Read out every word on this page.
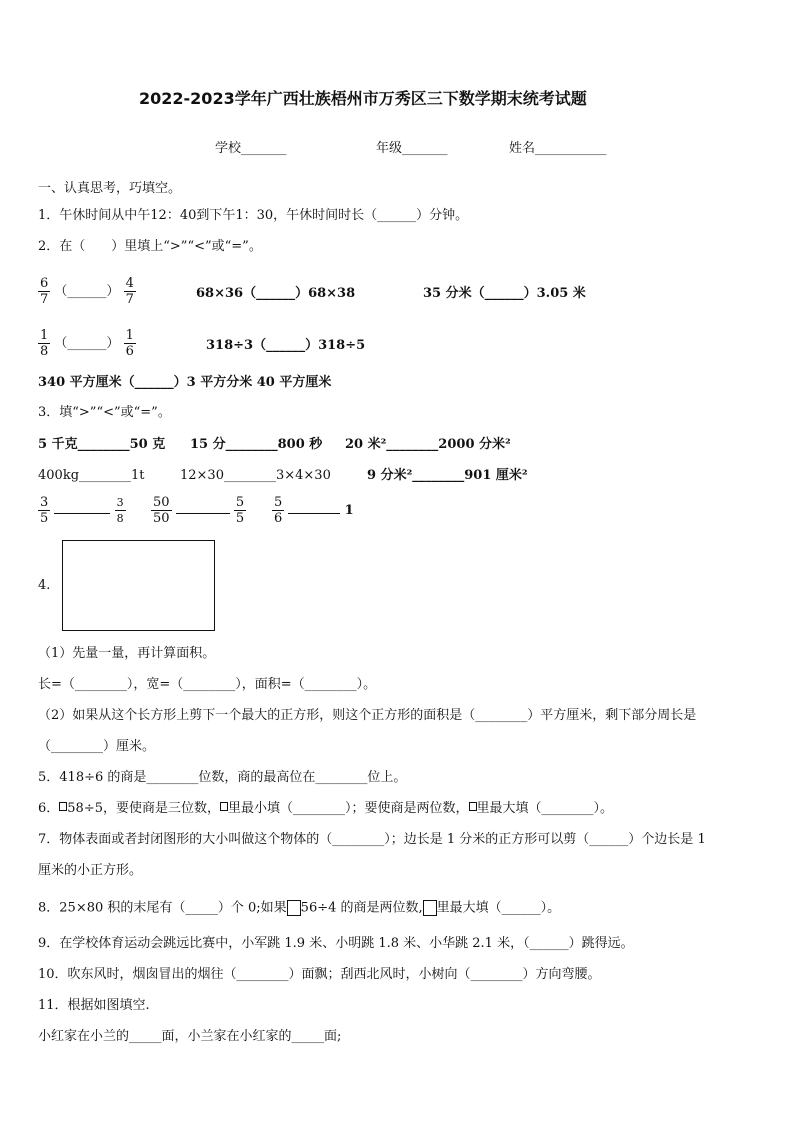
2022-2023学年广西壮族梧州市万秀区三下数学期末统考试题
学校_______	年级_______	姓名___________
一、认真思考，巧填空。
1．午休时间从中午12：40到下午1：30，午休时间时长（______）分钟。
2．在（　　）里填上“>”“<”或“=”。
$\frac{6}{7}$ （______） $\frac{4}{7}$	68×36（______）68×38	35 分米（______）3.05 米
$\frac{1}{8}$ （______） $\frac{1}{6}$	318÷3（______）318÷5
340 平方厘米（______）3 平方分米 40 平方厘米
3．填“>”“<”或“=”。
5 千克________50 克 15 分________800 秒 20 米²________2000 分米²
400kg________1t	12×30________3×4×30	9 分米²________901 厘米²
$\frac{3}{5}$
	$\frac{3}{8} \frac{50}{50}$
	$\frac{5}{5} \frac{5}{6}$	1
4.
（1）先量一量，再计算面积。
长=（________），宽=（________），面积=（________）。
（2）如果从这个长方形上剪下一个最大的正方形，则这个正方形的面积是（________）平方厘米，剩下部分周长是
（________）厘米。
5．418÷6 的商是________位数，商的最高位在________位上。
6． 58÷5，要使商是三位数， 里最小填（________）；要使商是两位数， 里最大填（________）。
7．物体表面或者封闭图形的大小叫做这个物体的（________）；边长是 1 分米的正方形可以剪（______）个边长是 1
厘米的小正方形。
8．25×80 积的末尾有（_____）个 0;如果 56÷4 的商是两位数, 里最大填（______）。
9．在学校体育运动会跳远比赛中，小军跳 1.9 米、小明跳 1.8 米、小华跳 2.1 米，（______）跳得远。
10．吹东风时，烟囱冒出的烟往（________）面飘；刮西北风时，小树向（________）方向弯腰。
11．根据如图填空.
小红家在小兰的_____面，小兰家在小红家的_____面;
